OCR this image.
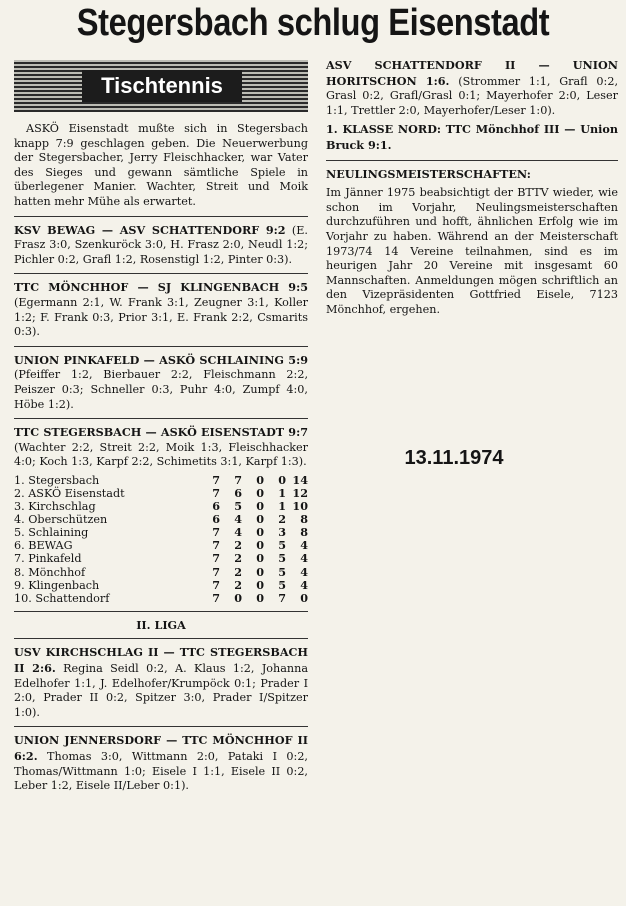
Stegersbach schlug Eisenstadt
Tischtennis

ASKÖ Eisenstadt mußte sich in Stegersbach knapp 7:9 geschlagen geben. Die Neuerwerbung der Stegersbacher, Jerry Fleischhacker, war Vater des Sieges und gewann sämtliche Spiele in überlegener Manier. Wachter, Streit und Moik hatten mehr Mühe als erwartet.

KSV BEWAG — ASV SCHATTENDORF 9:2 (E. Frasz 3:0, Szenkuröck 3:0, H. Frasz 2:0, Neudl 1:2; Pichler 0:2, Grafl 1:2, Rosenstigl 1:2, Pinter 0:3).

TTC MÖNCHHOF — SJ KLINGENBACH 9:5 (Egermann 2:1, W. Frank 3:1, Zeugner 3:1, Koller 1:2; F. Frank 0:3, Prior 3:1, E. Frank 2:2, Csmarits 0:3).

UNION PINKAFELD — ASKÖ SCHLAINING 5:9 (Pfeiffer 1:2, Bierbauer 2:2, Fleischmann 2:2, Peiszer 0:3; Schneller 0:3, Puhr 4:0, Zumpf 4:0, Höbe 1:2).

TTC STEGERSBACH — ASKÖ EISENSTADT 9:7 (Wachter 2:2, Streit 2:2, Moik 1:3, Fleischhacker 4:0; Koch 1:3, Karpf 2:2, Schimetits 3:1, Karpf 1:3).

1. Stegersbach	7	7	0	0	14
2. ASKÖ Eisenstadt	7	6	0	1	12
3. Kirchschlag	6	5	0	1	10
4. Oberschützen	6	4	0	2	8
5. Schlaining	7	4	0	3	8
6. BEWAG	7	2	0	5	4
7. Pinkafeld	7	2	0	5	4
8. Mönchhof	7	2	0	5	4
9. Klingenbach	7	2	0	5	4
10. Schattendorf	7	0	0	7	0
II. LIGA

USV KIRCHSCHLAG II — TTC STEGERSBACH II 2:6. Regina Seidl 0:2, A. Klaus 1:2, Johanna Edelhofer 1:1, J. Edelhofer/Krumpöck 0:1; Prader I 2:0, Prader II 0:2, Spitzer 3:0, Prader I/Spitzer 1:0).

UNION JENNERSDORF — TTC MÖNCHHOF II 6:2. Thomas 3:0, Wittmann 2:0, Pataki I 0:2, Thomas/Wittmann 1:0; Eisele I 1:1, Eisele II 0:2, Leber 1:2, Eisele II/Leber 0:1).

ASV SCHATTENDORF II — UNION HORITSCHON 1:6. (Strommer 1:1, Grafl 0:2, Grasl 0:2, Grafl/Grasl 0:1; Mayerhofer 2:0, Leser 1:1, Trettler 2:0, Mayerhofer/Leser 1:0).

1. KLASSE NORD: TTC Mönchhof III — Union Bruck 9:1.

NEULINGSMEISTERSCHAFTEN:

Im Jänner 1975 beabsichtigt der BTTV wieder, wie schon im Vorjahr, Neulingsmeisterschaften durchzuführen und hofft, ähnlichen Erfolg wie im Vorjahr zu haben. Während an der Meisterschaft 1973/74 14 Vereine teilnahmen, sind es im heurigen Jahr 20 Vereine mit insgesamt 60 Mannschaften. Anmeldungen mögen schriftlich an den Vizepräsidenten Gottfried Eisele, 7123 Mönchhof, ergehen.

13.11.1974
